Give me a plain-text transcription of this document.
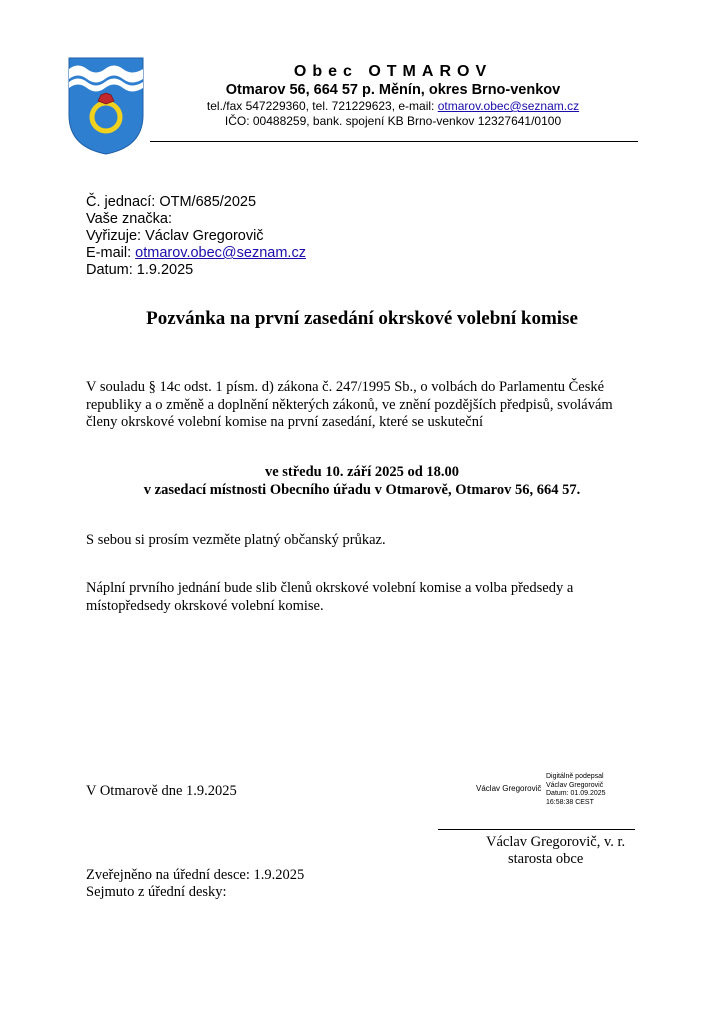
Obec OTMAROV
Otmarov 56, 664 57 p. Měnín, okres Brno-venkov
tel./fax 547229360, tel. 721229623, e-mail: otmarov.obec@seznam.cz
IČO: 00488259, bank. spojení KB Brno-venkov 12327641/0100
Č. jednací: OTM/685/2025
Vaše značka:
Vyřizuje: Václav Gregorovič
E-mail: otmarov.obec@seznam.cz
Datum: 1.9.2025
Pozvánka na první zasedání okrskové volební komise
V souladu § 14c odst. 1 písm. d) zákona č. 247/1995 Sb., o volbách do Parlamentu České republiky a o změně a doplnění některých zákonů, ve znění pozdějších předpisů, svolávám členy okrskové volební komise na první zasedání, které se uskuteční
ve středu 10. září 2025 od 18.00
v zasedací místnosti Obecního úřadu v Otmarově, Otmarov 56, 664 57.
S sebou si prosím vezměte platný občanský průkaz.
Náplní prvního jednání bude slib členů okrskové volební komise a volba předsedy a místopředsedy okrskové volební komise.
V Otmarově dne 1.9.2025	Václav Gregorovič
Digitálně podepsal
Václav Gregorovič
Datum: 01.09.2025
16:58:38 CEST
Václav Gregorovič, v. r.
starosta obce
Zveřejněno na úřední desce: 1.9.2025
Sejmuto z úřední desky:
